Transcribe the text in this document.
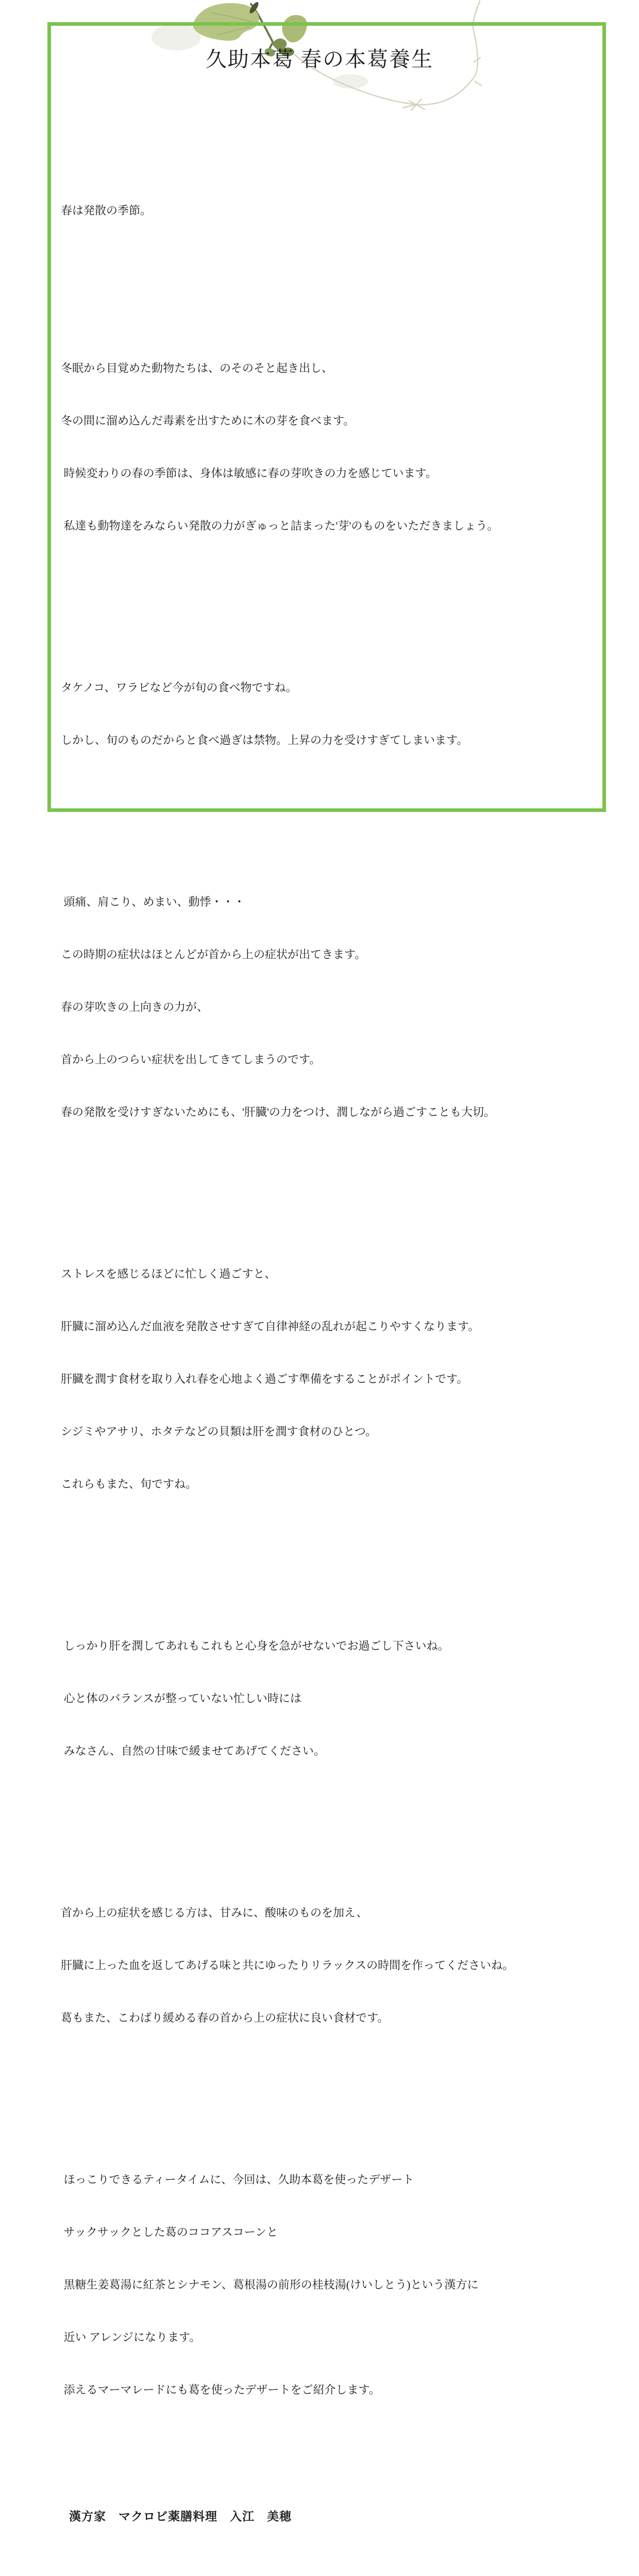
久助本葛 春の本葛養生

春は発散の季節。

冬眠から目覚めた動物たちは、のそのそと起き出し、

冬の間に溜め込んだ毒素を出すために木の芽を食べます。

時候変わりの春の季節は、身体は敏感に春の芽吹きの力を感じています。

私達も動物達をみならい発散の力がぎゅっと詰まった'芽'のものをいただきましょう。

タケノコ、ワラビなど今が旬の食べ物ですね。

しかし、旬のものだからと食べ過ぎは禁物。上昇の力を受けすぎてしまいます。

頭痛、肩こり、めまい、動悸・・・

この時期の症状はほとんどが首から上の症状が出てきます。

春の芽吹きの上向きの力が、

首から上のつらい症状を出してきてしまうのです。

春の発散を受けすぎないためにも、'肝臓'の力をつけ、潤しながら過ごすことも大切。

ストレスを感じるほどに忙しく過ごすと、

肝臓に溜め込んだ血液を発散させすぎて自律神経の乱れが起こりやすくなります。

肝臓を潤す食材を取り入れ春を心地よく過ごす準備をすることがポイントです。

シジミやアサリ、ホタテなどの貝類は肝を潤す食材のひとつ。

これらもまた、旬ですね。

しっかり肝を潤してあれもこれもと心身を急がせないでお過ごし下さいね。

心と体のバランスが整っていない忙しい時には

みなさん、自然の甘味で緩ませてあげてください。

首から上の症状を感じる方は、甘みに、酸味のものを加え、

肝臓に上った血を返してあげる味と共にゆったりリラックスの時間を作ってくださいね。

葛もまた、こわばり緩める春の首から上の症状に良い食材です。

ほっこりできるティータイムに、今回は、久助本葛を使ったデザート

サックサックとした葛のココアスコーンと

黒糖生姜葛湯に紅茶とシナモン、葛根湯の前形の桂枝湯(けいしとう)という漢方に

近い アレンジになります。

添えるマーマレードにも葛を使ったデザートをご紹介します。

漢方家　マクロビ薬膳料理　入江　美穂
